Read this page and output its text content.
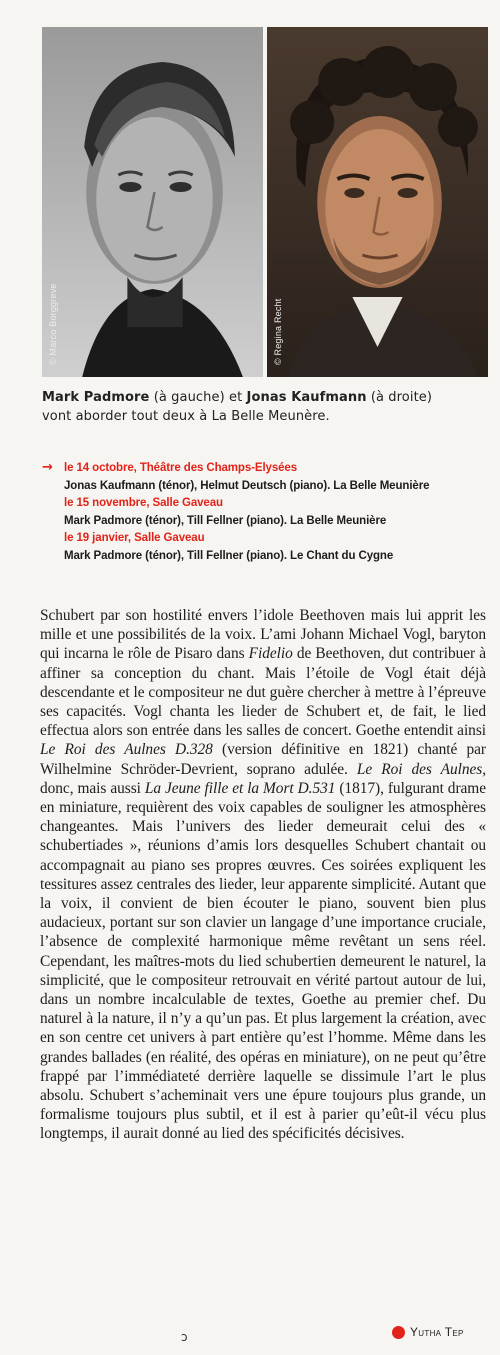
© Marco Borggreve	© Regina Recht
Mark Padmore (à gauche) et Jonas Kaufmann (à droite)
vont aborder tout deux à La Belle Meunère.
→ le 14 octobre, Théâtre des Champs-Elysées
Jonas Kaufmann (ténor), Helmut Deutsch (piano). La Belle Meunière
le 15 novembre, Salle Gaveau
Mark Padmore (ténor), Till Fellner (piano). La Belle Meunière
le 19 janvier, Salle Gaveau
Mark Padmore (ténor), Till Fellner (piano). Le Chant du Cygne
Schubert par son hostilité envers l’idole Beethoven mais lui apprit les mille et une possibilités de la voix. L’ami Johann Michael Vogl, baryton qui incarna le rôle de Pisaro dans Fidelio de Beethoven, dut contribuer à affiner sa conception du chant. Mais l’étoile de Vogl était déjà descendante et le compositeur ne dut guère chercher à mettre à l’épreuve ses capacités. Vogl chanta les lieder de Schubert et, de fait, le lied effectua alors son entrée dans les salles de concert. Goethe entendit ainsi Le Roi des Aulnes D.328 (version définitive en 1821) chanté par Wilhelmine Schröder-Devrient, soprano adulée. Le Roi des Aulnes, donc, mais aussi La Jeune fille et la Mort D.531 (1817), fulgurant drame en miniature, requièrent des voix capables de souligner les atmosphères changeantes. Mais l’univers des lieder demeurait celui des « schubertiades », réunions d’amis lors desquelles Schubert chantait ou accompagnait au piano ses propres œuvres. Ces soirées expliquent les tessitures assez centrales des lieder, leur apparente simplicité. Autant que la voix, il convient de bien écouter le piano, souvent bien plus audacieux, portant sur son clavier un langage d’une importance cruciale, l’absence de complexité harmonique même revêtant un sens réel. Cependant, les maîtres-mots du lied schubertien demeurent le naturel, la simplicité, que le compositeur retrouvait en vérité partout autour de lui, dans un nombre incalculable de textes, Goethe au premier chef. Du naturel à la nature, il n’y a qu’un pas. Et plus largement la création, avec en son centre cet univers à part entière qu’est l’homme. Même dans les grandes ballades (en réalité, des opéras en miniature), on ne peut qu’être frappé par l’immédiateté derrière laquelle se dissimule l’art le plus absolu. Schubert s’acheminait vers une épure toujours plus grande, un formalisme toujours plus subtil, et il est à parier qu’eût-il vécu plus longtemps, il aurait donné au lied des spécificités décisives.
ɔ	Yutha Tep
